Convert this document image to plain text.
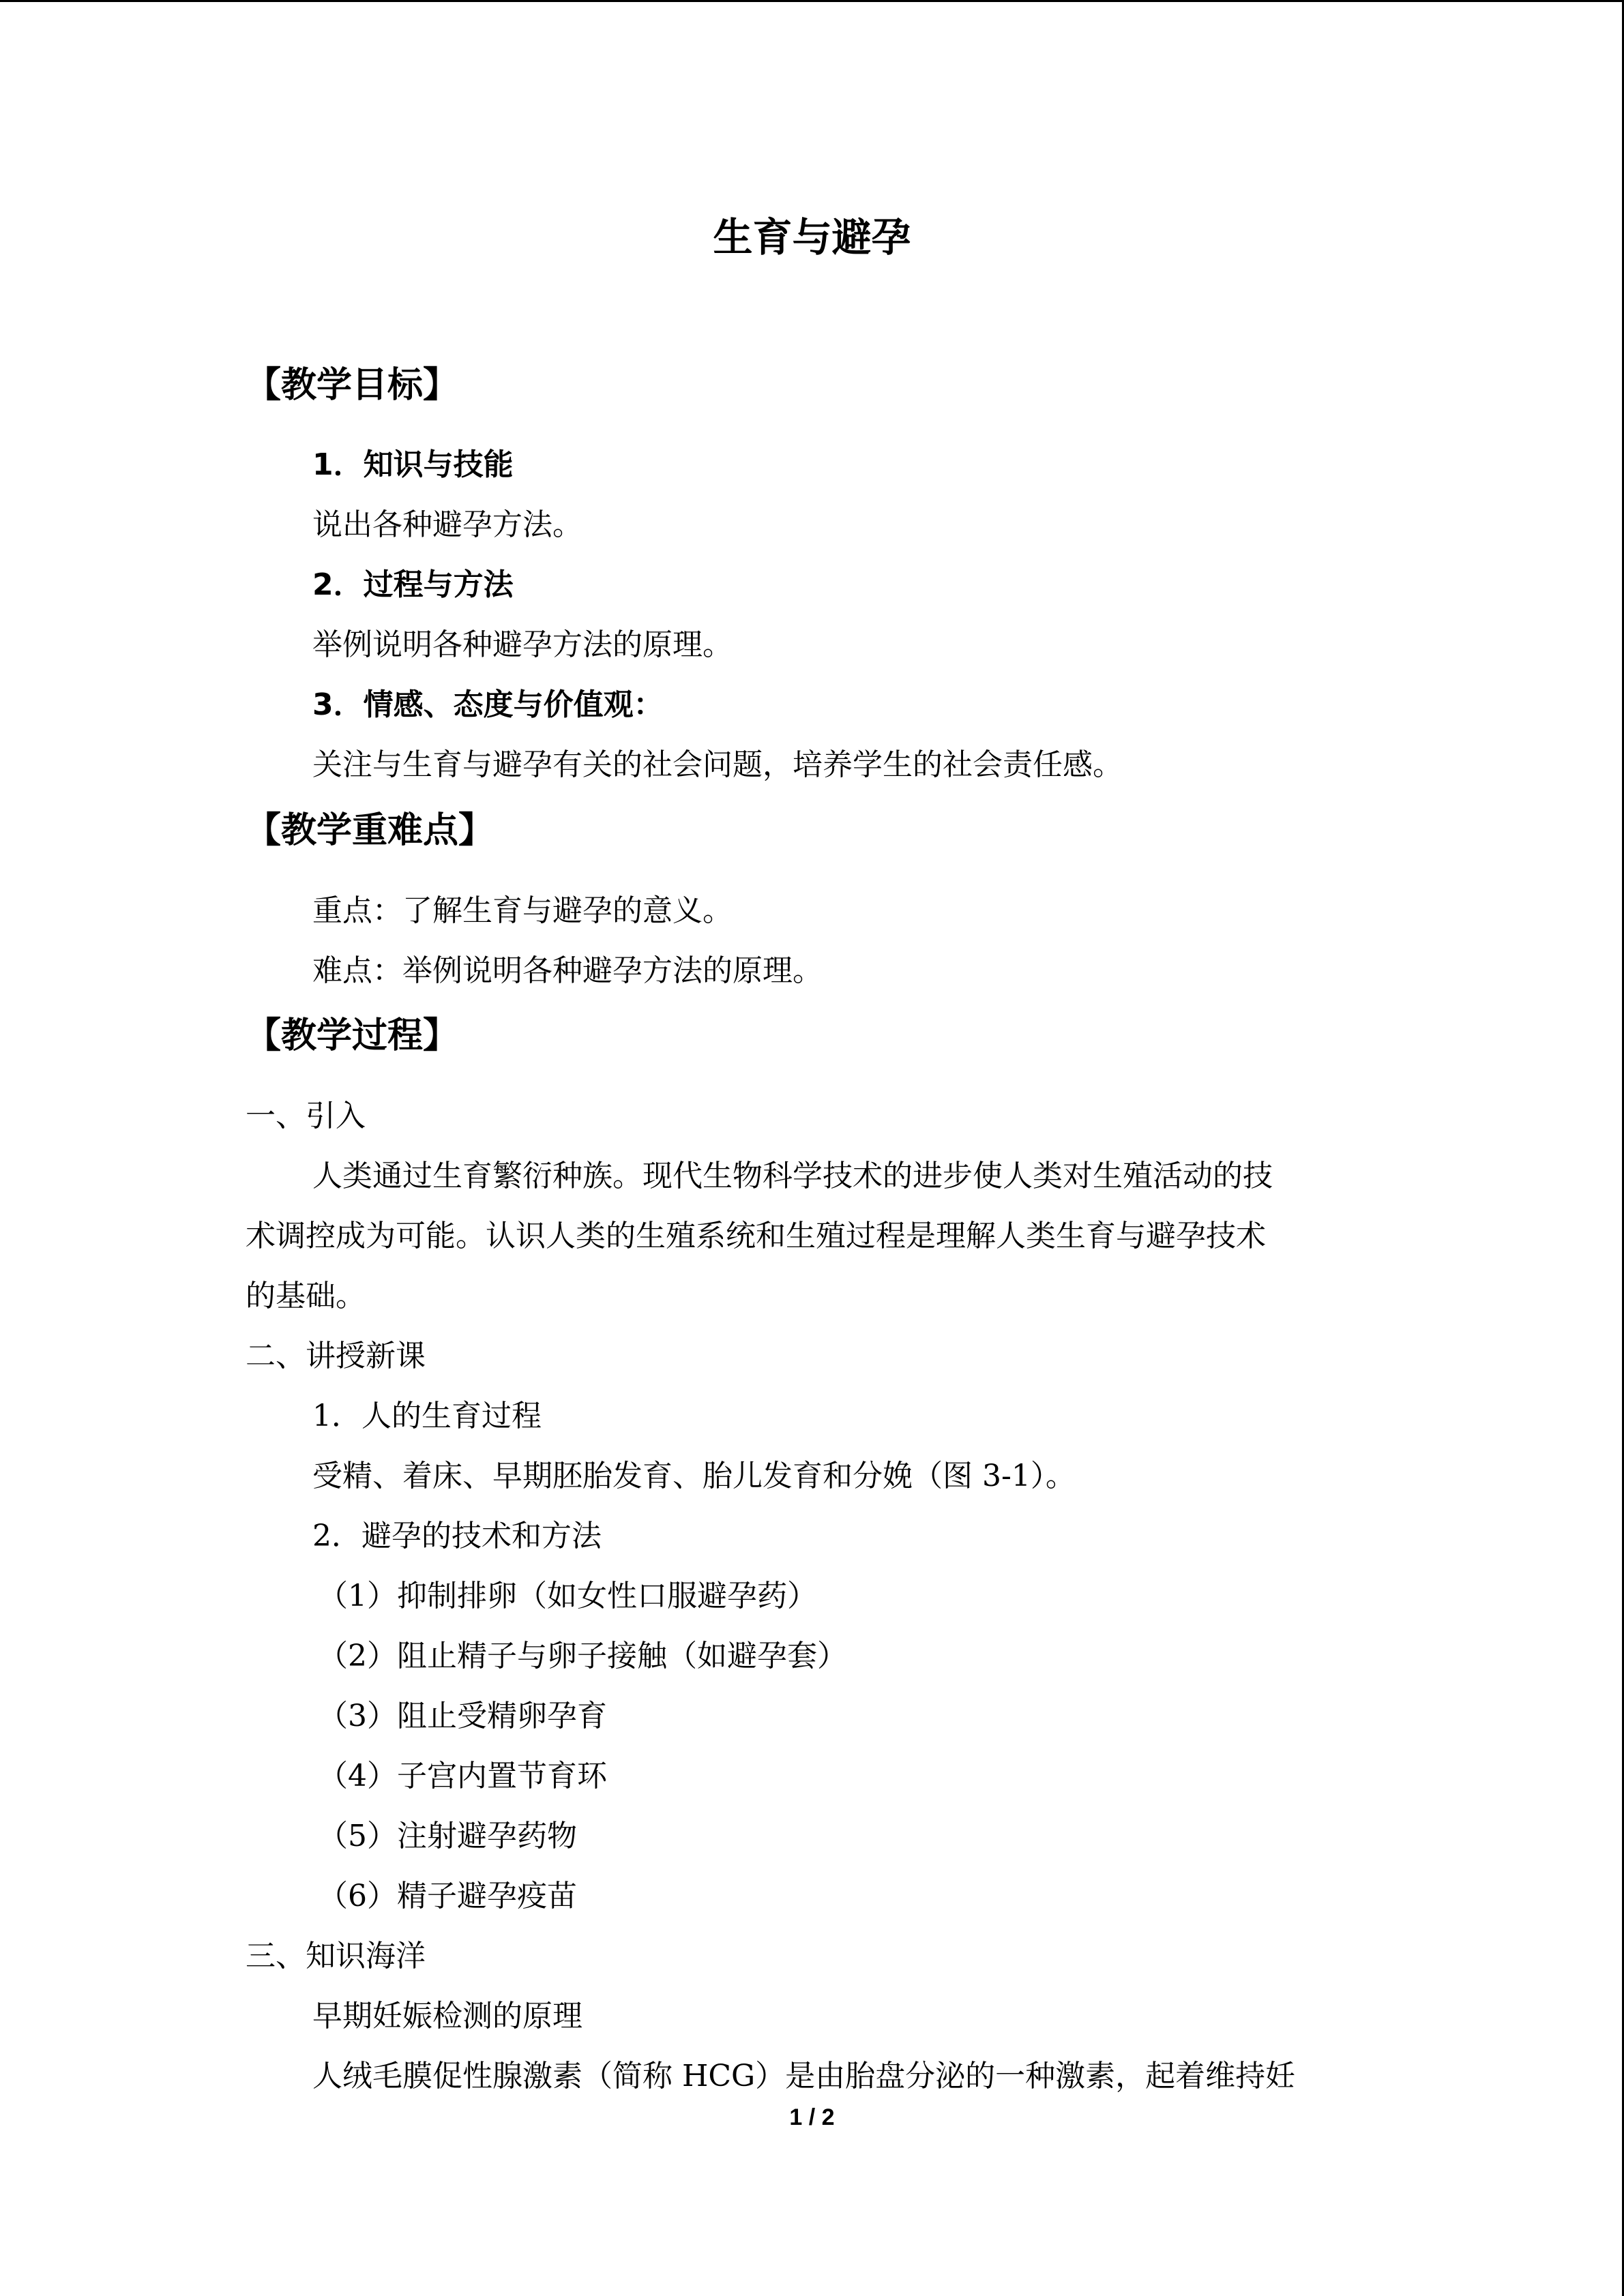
生育与避孕
【教学目标】
1．知识与技能
说出各种避孕方法。
2．过程与方法
举例说明各种避孕方法的原理。
3．情感、态度与价值观：
关注与生育与避孕有关的社会问题，培养学生的社会责任感。
【教学重难点】
重点：了解生育与避孕的意义。
难点：举例说明各种避孕方法的原理。
【教学过程】
一、引入
人类通过生育繁衍种族。现代生物科学技术的进步使人类对生殖活动的技
术调控成为可能。认识人类的生殖系统和生殖过程是理解人类生育与避孕技术
的基础。
二、讲授新课
1．人的生育过程
受精、着床、早期胚胎发育、胎儿发育和分娩（图 3-1）。
2．避孕的技术和方法
（1）抑制排卵（如女性口服避孕药）
（2）阻止精子与卵子接触（如避孕套）
（3）阻止受精卵孕育
（4）子宫内置节育环
（5）注射避孕药物
（6）精子避孕疫苗
三、知识海洋
早期妊娠检测的原理
人绒毛膜促性腺激素（简称 HCG）是由胎盘分泌的一种激素，起着维持妊
1 / 2
